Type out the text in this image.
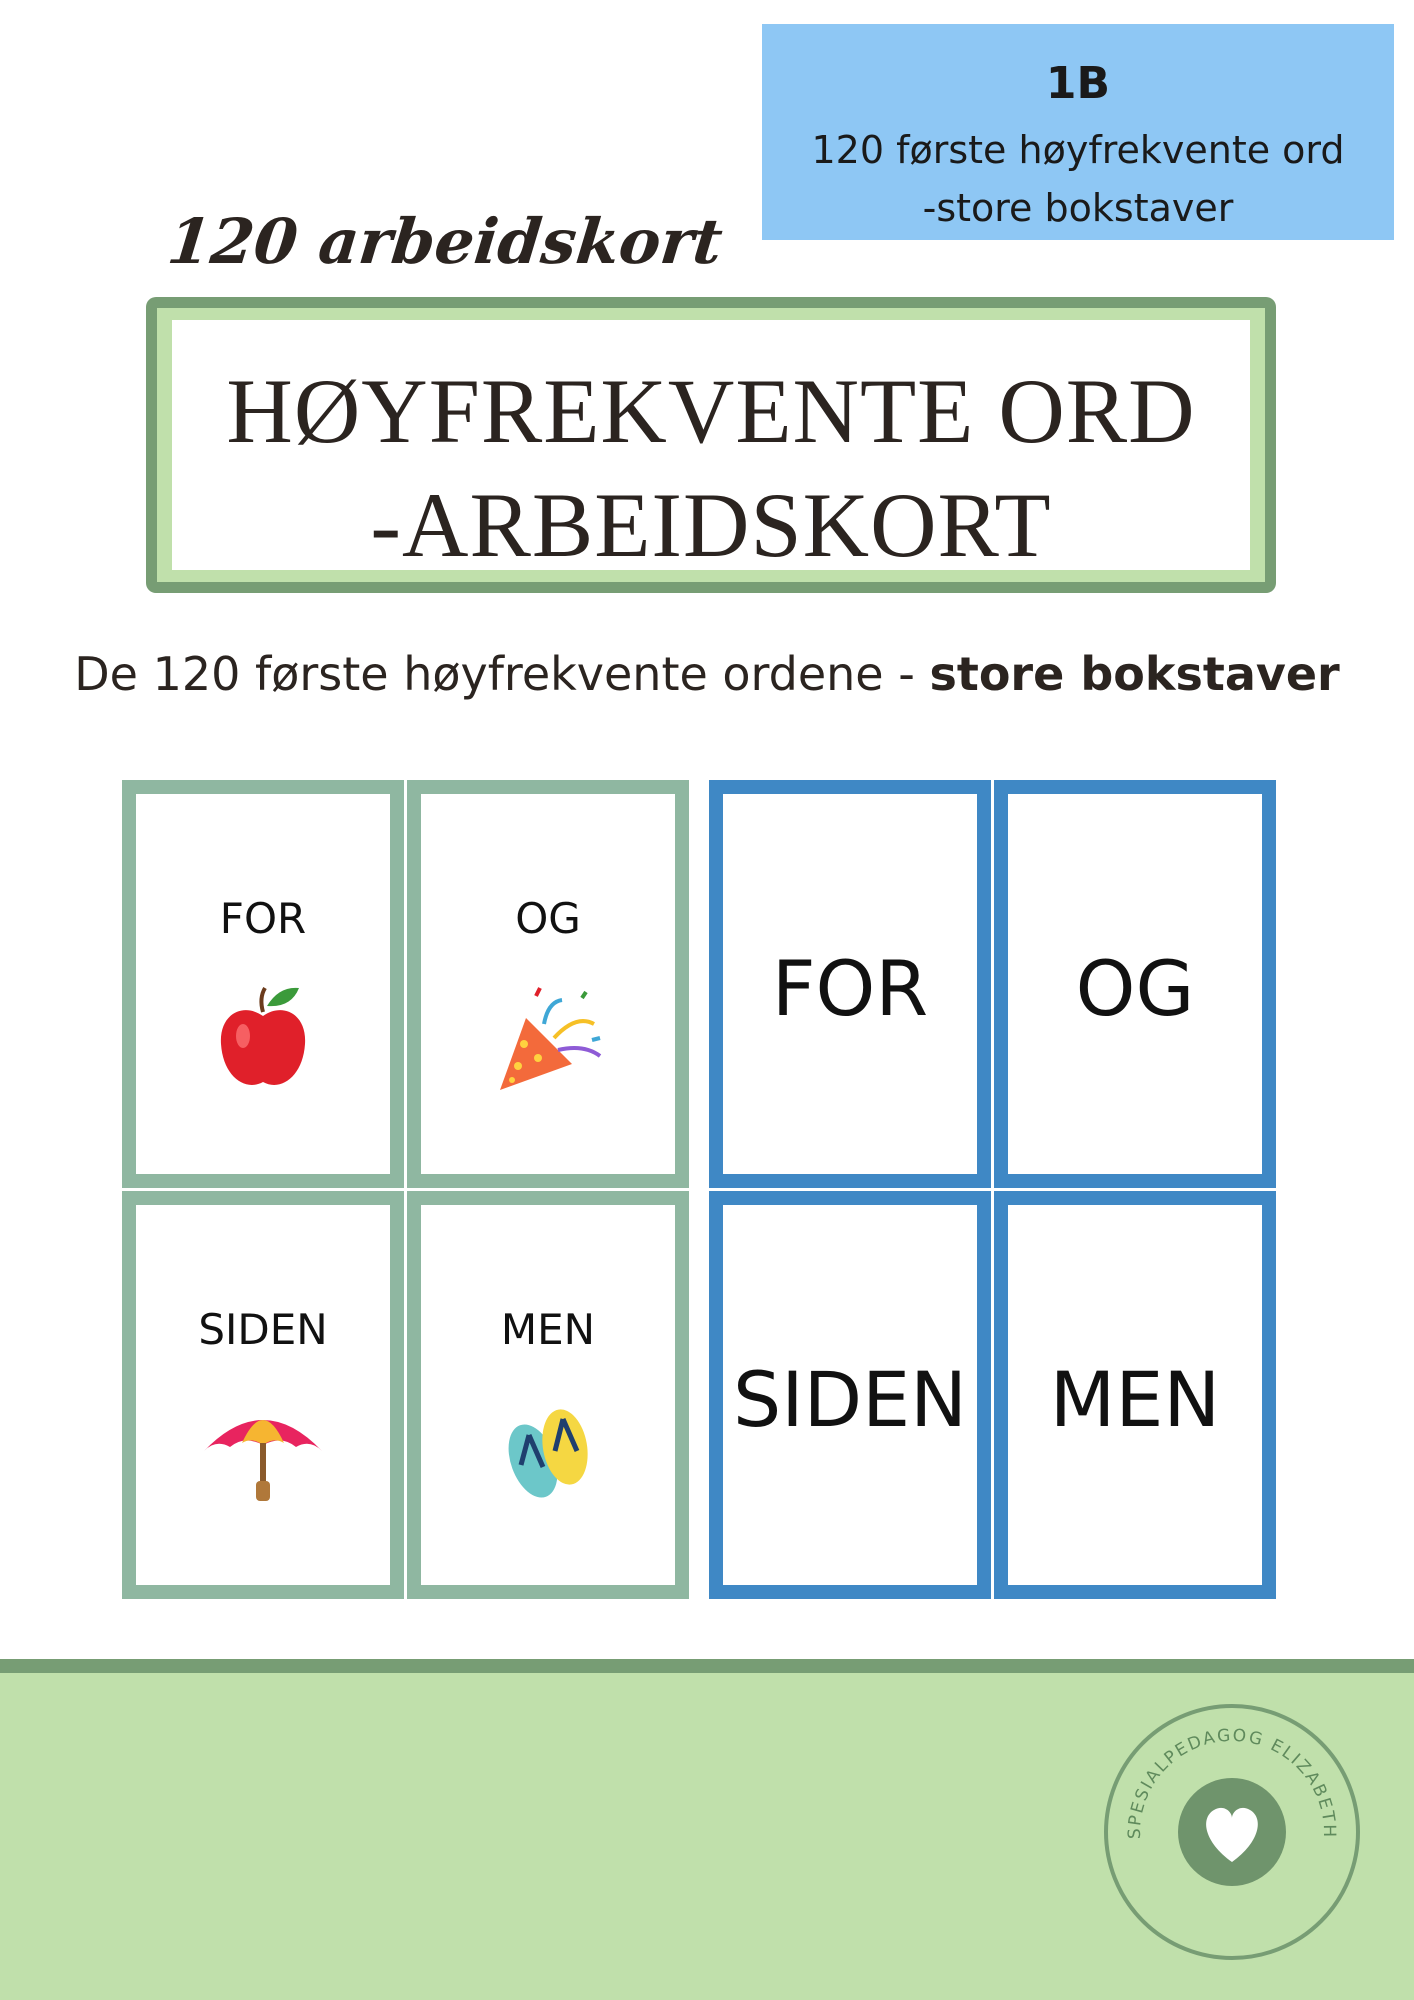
1B
120 første høyfrekvente ord
-store bokstaver
120 arbeidskort
HØYFREKVENTE ORD
-ARBEIDSKORT
De 120 første høyfrekvente ordene - store bokstaver
FOR	OG
SIDEN	MEN
FOR	OG
SIDEN	MEN
SPESIALPEDAGOG ELIZABETH
